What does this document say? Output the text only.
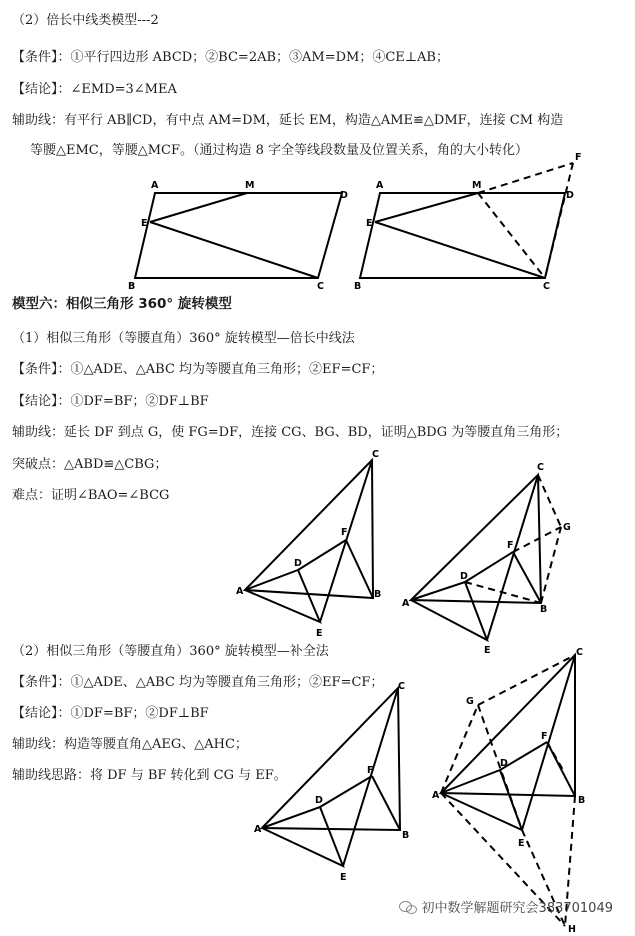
（2）倍长中线类模型---2
【条件】：①平行四边形 ABCD；②BC=2AB；③AM=DM；④CE⊥AB；
【结论】：∠EMD=3∠MEA
辅助线：有平行 AB∥CD，有中点 AM=DM，延长 EM，构造△AME≌△DMF，连接 CM 构造
等腰△EMC，等腰△MCF。（通过构造 8 字全等线段数量及位置关系，角的大小转化）
A	M
D
E
B	C
A	M
D
F
E
B	C
模型六：相似三角形 360° 旋转模型
（1）相似三角形（等腰直角）360° 旋转模型—倍长中线法
【条件】：①△ADE、△ABC 均为等腰直角三角形；②EF=CF；
【结论】：①DF=BF；②DF⊥BF
辅助线：延长 DF 到点 G，使 FG=DF，连接 CG、BG、BD，证明△BDG 为等腰直角三角形；
突破点：△ABD≌△CBG；
难点：证明∠BAO=∠BCG
C
F
D
A	B
E
C
G
F
D
A
B
E
（2）相似三角形（等腰直角）360° 旋转模型—补全法
【条件】：①△ADE、△ABC 均为等腰直角三角形；②EF=CF；
【结论】：①DF=BF；②DF⊥BF
辅助线：构造等腰直角△AEG、△AHC；
辅助线思路：将 DF 与 BF 转化到 CG 与 EF。
C
F
D
A
B
E
C
G
F
D
A	B
E
H
初中数学解题研究会383701049
